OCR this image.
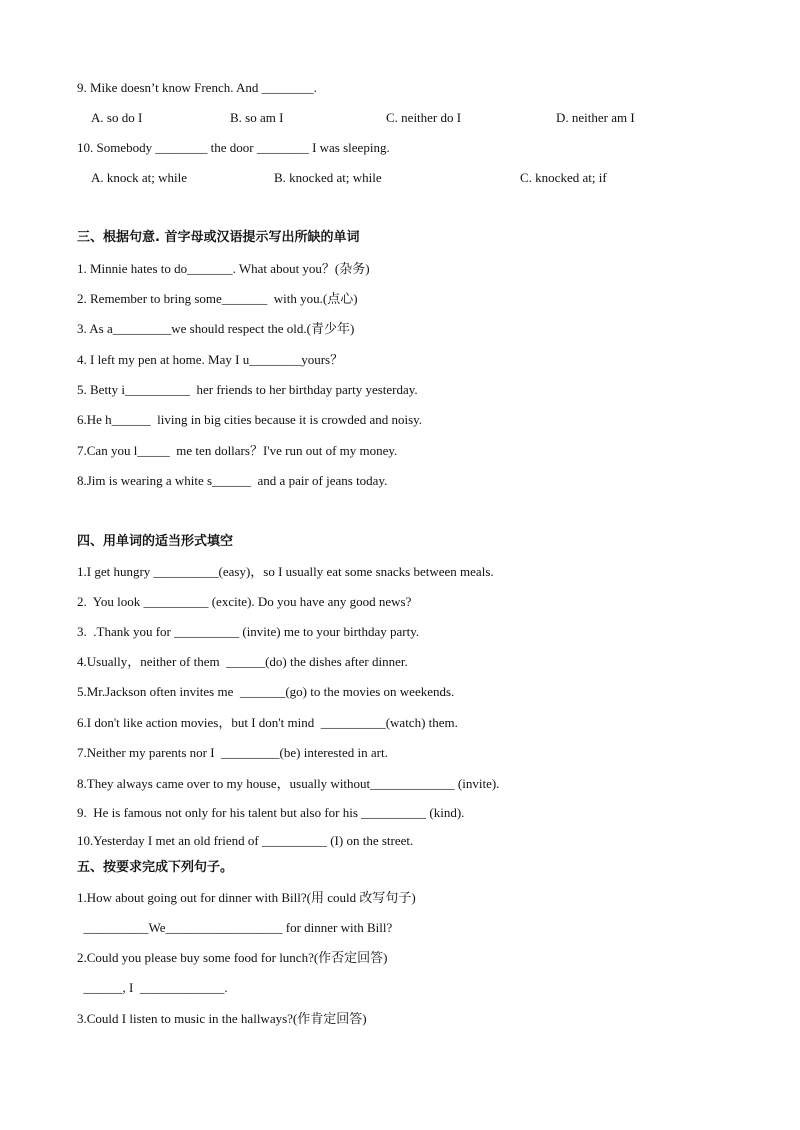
9. Mike doesn’t know French. And ________.
A. so do I	B. so am I	C. neither do I	D. neither am I
10. Somebody ________ the door ________ I was sleeping.
A. knock at; while	B. knocked at; while	C. knocked at; if
三、根据句意. 首字母或汉语提示写出所缺的单词
1. Minnie hates to do_______. What about you？(杂务)
2. Remember to bring some_______  with you.(点心)
3. As a_________we should respect the old.(青少年)
4. I left my pen at home. May I u________yours？
5. Betty i__________  her friends to her birthday party yesterday.
6.He h______  living in big cities because it is crowded and noisy.
7.Can you l_____  me ten dollars？I've run out of my money.
8.Jim is wearing a white s______  and a pair of jeans today.
四、用单词的适当形式填空
1.I get hungry __________(easy)，so I usually eat some snacks between meals.
2.  You look __________ (excite). Do you have any good news?
3.  .Thank you for __________ (invite) me to your birthday party.
4.Usually，neither of them  ______(do) the dishes after dinner.
5.Mr.Jackson often invites me  _______(go) to the movies on weekends.
6.I don't like action movies，but I don't mind  __________(watch) them.
7.Neither my parents nor I  _________(be) interested in art.
8.They always came over to my house，usually without_____________ (invite).
9.  He is famous not only for his talent but also for his __________ (kind).
10.Yesterday I met an old friend of __________ (I) on the street.
五、按要求完成下列句子。
1.How about going out for dinner with Bill?(用 could 改写句子)
__________We__________________ for dinner with Bill?
2.Could you please buy some food for lunch?(作否定回答)
______, I  _____________.
3.Could I listen to music in the hallways?(作肯定回答)
